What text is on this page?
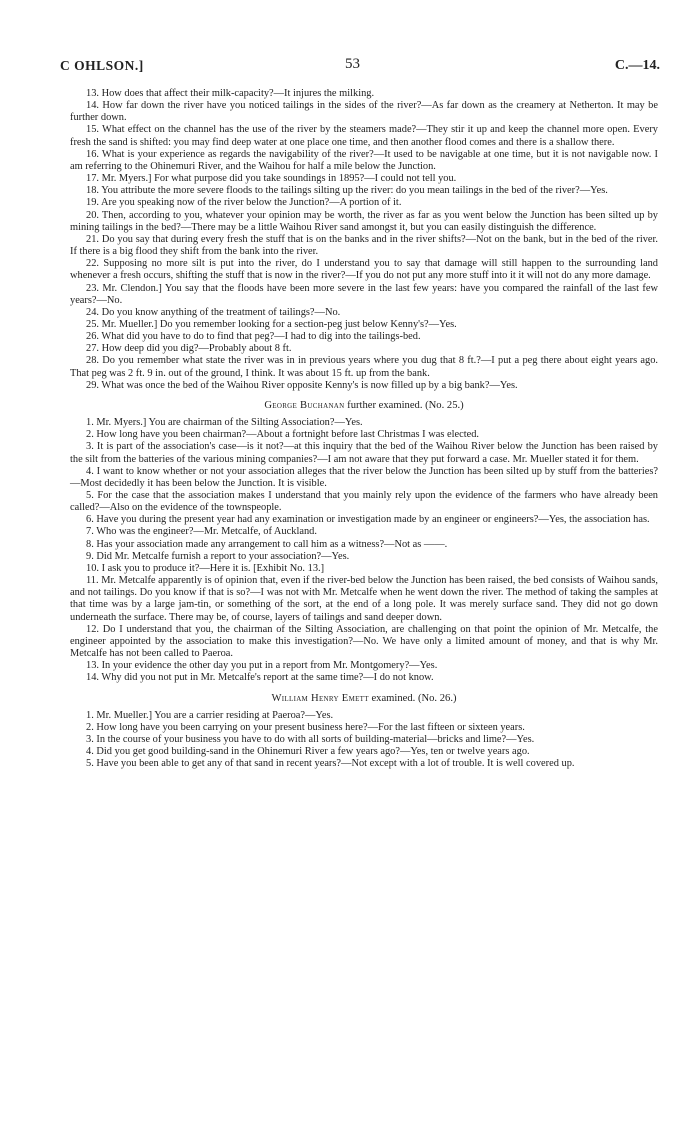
C OHLSON.]	53	C.—14.

13. How does that affect their milk-capacity?—It injures the milking.

14. How far down the river have you noticed tailings in the sides of the river?—As far down as the creamery at Netherton. It may be further down.

15. What effect on the channel has the use of the river by the steamers made?—They stir it up and keep the channel more open. Every fresh the sand is shifted: you may find deep water at one place one time, and then another flood comes and there is a shallow there.

16. What is your experience as regards the navigability of the river?—It used to be navigable at one time, but it is not navigable now. I am referring to the Ohinemuri River, and the Waihou for half a mile below the Junction.

17. Mr. Myers.] For what purpose did you take soundings in 1895?—I could not tell you.

18. You attribute the more severe floods to the tailings silting up the river: do you mean tailings in the bed of the river?—Yes.

19. Are you speaking now of the river below the Junction?—A portion of it.

20. Then, according to you, whatever your opinion may be worth, the river as far as you went below the Junction has been silted up by mining tailings in the bed?—There may be a little Waihou River sand amongst it, but you can easily distinguish the difference.

21. Do you say that during every fresh the stuff that is on the banks and in the river shifts?—Not on the bank, but in the bed of the river. If there is a big flood they shift from the bank into the river.

22. Supposing no more silt is put into the river, do I understand you to say that damage will still happen to the surrounding land whenever a fresh occurs, shifting the stuff that is now in the river?—If you do not put any more stuff into it it will not do any more damage.

23. Mr. Clendon.] You say that the floods have been more severe in the last few years: have you compared the rainfall of the last few years?—No.

24. Do you know anything of the treatment of tailings?—No.

25. Mr. Mueller.] Do you remember looking for a section-peg just below Kenny's?—Yes.

26. What did you have to do to find that peg?—I had to dig into the tailings-bed.

27. How deep did you dig?—Probably about 8 ft.

28. Do you remember what state the river was in in previous years where you dug that 8 ft.?—I put a peg there about eight years ago. That peg was 2 ft. 9 in. out of the ground, I think. It was about 15 ft. up from the bank.

29. What was once the bed of the Waihou River opposite Kenny's is now filled up by a big bank?—Yes.

George Buchanan further examined. (No. 25.)

1. Mr. Myers.] You are chairman of the Silting Association?—Yes.

2. How long have you been chairman?—About a fortnight before last Christmas I was elected.

3. It is part of the association's case—is it not?—at this inquiry that the bed of the Waihou River below the Junction has been raised by the silt from the batteries of the various mining companies?—I am not aware that they put forward a case. Mr. Mueller stated it for them.

4. I want to know whether or not your association alleges that the river below the Junction has been silted up by stuff from the batteries?—Most decidedly it has been below the Junction. It is visible.

5. For the case that the association makes I understand that you mainly rely upon the evidence of the farmers who have already been called?—Also on the evidence of the townspeople.

6. Have you during the present year had any examination or investigation made by an engineer or engineers?—Yes, the association has.

7. Who was the engineer?—Mr. Metcalfe, of Auckland.

8. Has your association made any arrangement to call him as a witness?—Not as ——.

9. Did Mr. Metcalfe furnish a report to your association?—Yes.

10. I ask you to produce it?—Here it is. [Exhibit No. 13.]

11. Mr. Metcalfe apparently is of opinion that, even if the river-bed below the Junction has been raised, the bed consists of Waihou sands, and not tailings. Do you know if that is so?—I was not with Mr. Metcalfe when he went down the river. The method of taking the samples at that time was by a large jam-tin, or something of the sort, at the end of a long pole. It was merely surface sand. They did not go down underneath the surface. There may be, of course, layers of tailings and sand deeper down.

12. Do I understand that you, the chairman of the Silting Association, are challenging on that point the opinion of Mr. Metcalfe, the engineer appointed by the association to make this investigation?—No. We have only a limited amount of money, and that is why Mr. Metcalfe has not been called to Paeroa.

13. In your evidence the other day you put in a report from Mr. Montgomery?—Yes.

14. Why did you not put in Mr. Metcalfe's report at the same time?—I do not know.

William Henry Emett examined. (No. 26.)

1. Mr. Mueller.] You are a carrier residing at Paeroa?—Yes.

2. How long have you been carrying on your present business here?—For the last fifteen or sixteen years.

3. In the course of your business you have to do with all sorts of building-material—bricks and lime?—Yes.

4. Did you get good building-sand in the Ohinemuri River a few years ago?—Yes, ten or twelve years ago.

5. Have you been able to get any of that sand in recent years?—Not except with a lot of trouble. It is well covered up.
